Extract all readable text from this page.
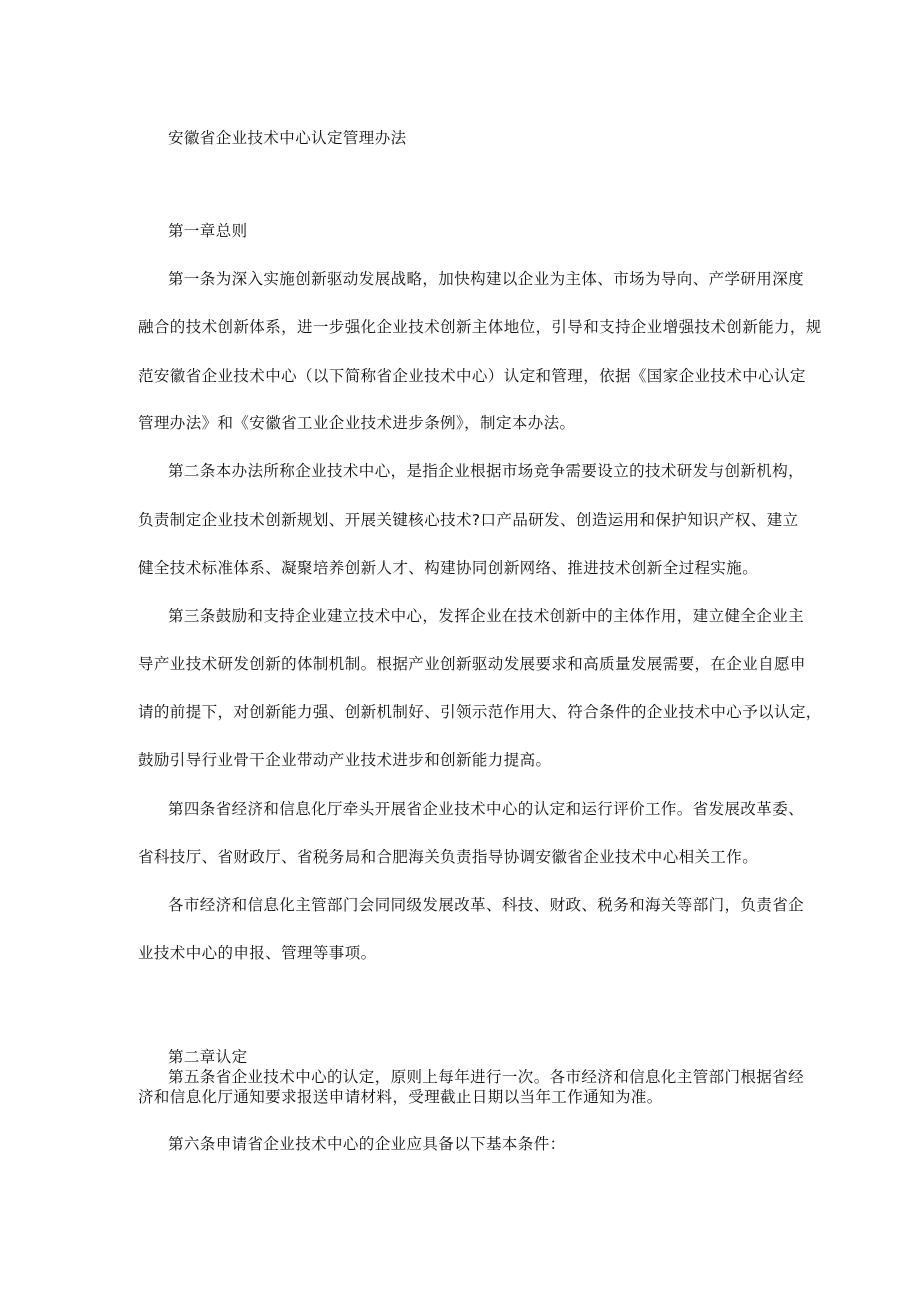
安徽省企业技术中心认定管理办法
第一章总则
第一条为深入实施创新驱动发展战略，加快构建以企业为主体、市场为导向、产学研用深度
融合的技术创新体系，进一步强化企业技术创新主体地位，引导和支持企业增强技术创新能力，规
范安徽省企业技术中心（以下简称省企业技术中心）认定和管理，依据《国家企业技术中心认定
管理办法》和《安徽省工业企业技术进步条例》，制定本办法。
第二条本办法所称企业技术中心，是指企业根据市场竞争需要设立的技术研发与创新机构，
负责制定企业技术创新规划、开展关键核心技术?口产品研发、创造运用和保护知识产权、建立
健全技术标准体系、凝聚培养创新人才、构建协同创新网络、推进技术创新全过程实施。
第三条鼓励和支持企业建立技术中心，发挥企业在技术创新中的主体作用，建立健全企业主
导产业技术研发创新的体制机制。根据产业创新驱动发展要求和高质量发展需要，在企业自愿申
请的前提下，对创新能力强、创新机制好、引领示范作用大、符合条件的企业技术中心予以认定，
鼓励引导行业骨干企业带动产业技术进步和创新能力提高。
第四条省经济和信息化厅牵头开展省企业技术中心的认定和运行评价工作。省发展改革委、
省科技厅、省财政厅、省税务局和合肥海关负责指导协调安徽省企业技术中心相关工作。
各市经济和信息化主管部门会同同级发展改革、科技、财政、税务和海关等部门，负责省企
业技术中心的申报、管理等事项。
第二章认定
第五条省企业技术中心的认定，原则上每年进行一次。各市经济和信息化主管部门根据省经
济和信息化厅通知要求报送申请材料，受理截止日期以当年工作通知为准。
第六条申请省企业技术中心的企业应具备以下基本条件：
